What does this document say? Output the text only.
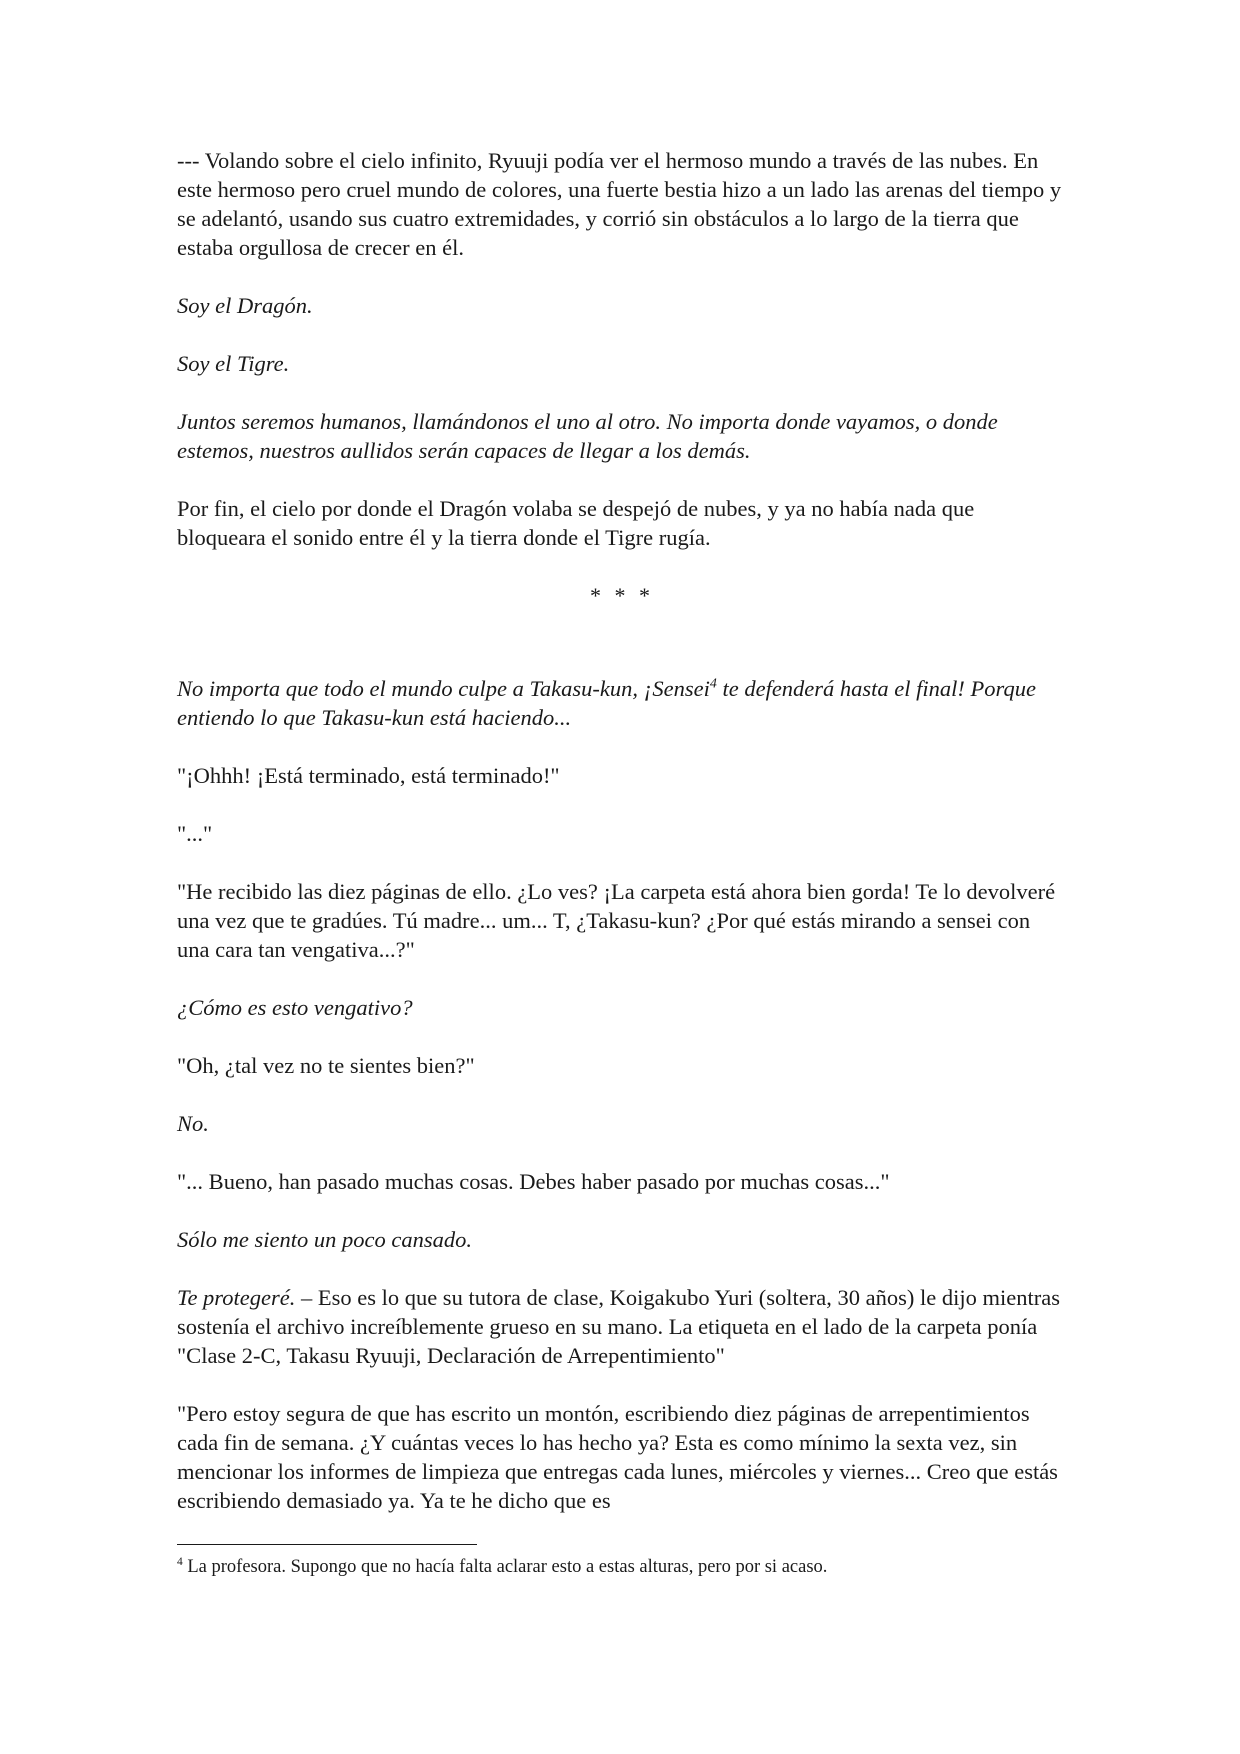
--- Volando sobre el cielo infinito, Ryuuji podía ver el hermoso mundo a través de las nubes. En este hermoso pero cruel mundo de colores, una fuerte bestia hizo a un lado las arenas del tiempo y se adelantó, usando sus cuatro extremidades, y corrió sin obstáculos a lo largo de la tierra que estaba orgullosa de crecer en él.

Soy el Dragón.

Soy el Tigre.

Juntos seremos humanos, llamándonos el uno al otro. No importa donde vayamos, o donde estemos, nuestros aullidos serán capaces de llegar a los demás.

Por fin, el cielo por donde el Dragón volaba se despejó de nubes, y ya no había nada que bloqueara el sonido entre él y la tierra donde el Tigre rugía.

* * *

No importa que todo el mundo culpe a Takasu-kun, ¡Sensei$^4$ te defenderá hasta el final! Porque entiendo lo que Takasu-kun está haciendo...

"¡Ohhh! ¡Está terminado, está terminado!"

"..."

"He recibido las diez páginas de ello. ¿Lo ves? ¡La carpeta está ahora bien gorda! Te lo devolveré una vez que te gradúes. Tú madre... um... T, ¿Takasu-kun? ¿Por qué estás mirando a sensei con una cara tan vengativa...?"

¿Cómo es esto vengativo?

"Oh, ¿tal vez no te sientes bien?"

No.

"... Bueno, han pasado muchas cosas. Debes haber pasado por muchas cosas..."

Sólo me siento un poco cansado.

Te protegeré. – Eso es lo que su tutora de clase, Koigakubo Yuri (soltera, 30 años) le dijo mientras sostenía el archivo increíblemente grueso en su mano. La etiqueta en el lado de la carpeta ponía "Clase 2-C, Takasu Ryuuji, Declaración de Arrepentimiento"

"Pero estoy segura de que has escrito un montón, escribiendo diez páginas de arrepentimientos cada fin de semana. ¿Y cuántas veces lo has hecho ya? Esta es como mínimo la sexta vez, sin mencionar los informes de limpieza que entregas cada lunes, miércoles y viernes... Creo que estás escribiendo demasiado ya. Ya te he dicho que es

$^4$ La profesora. Supongo que no hacía falta aclarar esto a estas alturas, pero por si acaso.
